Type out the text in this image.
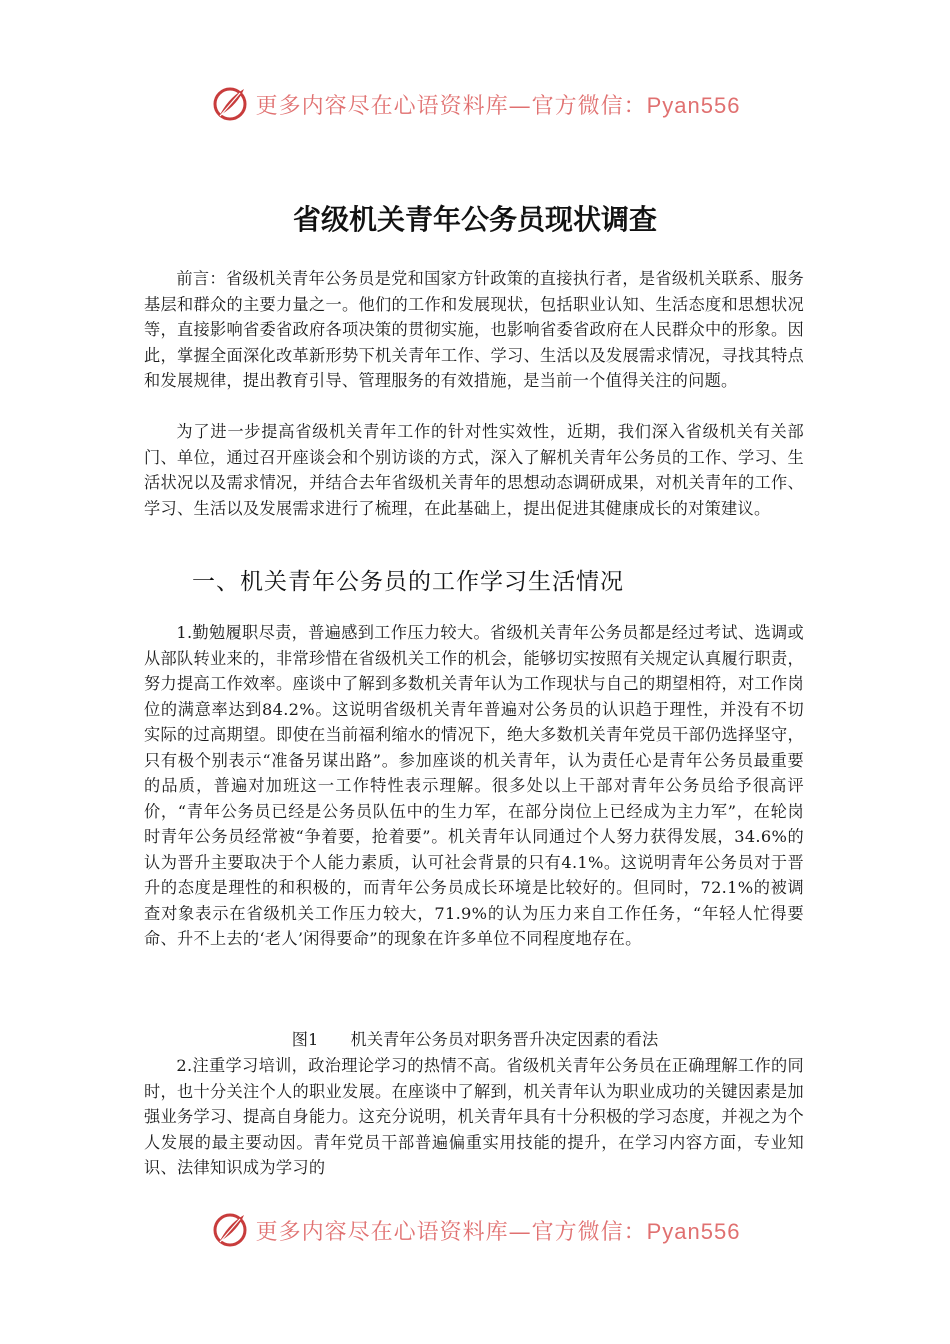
更多内容尽在心语资料库—官方微信：Pyan556
省级机关青年公务员现状调查

前言：省级机关青年公务员是党和国家方针政策的直接执行者，是省级机关联系、服务基层和群众的主要力量之一。他们的工作和发展现状，包括职业认知、生活态度和思想状况等，直接影响省委省政府各项决策的贯彻实施，也影响省委省政府在人民群众中的形象。因此，掌握全面深化改革新形势下机关青年工作、学习、生活以及发展需求情况，寻找其特点和发展规律，提出教育引导、管理服务的有效措施，是当前一个值得关注的问题。

为了进一步提高省级机关青年工作的针对性实效性，近期，我们深入省级机关有关部门、单位，通过召开座谈会和个别访谈的方式，深入了解机关青年公务员的工作、学习、生活状况以及需求情况，并结合去年省级机关青年的思想动态调研成果，对机关青年的工作、学习、生活以及发展需求进行了梳理，在此基础上，提出促进其健康成长的对策建议。

一、机关青年公务员的工作学习生活情况

1.勤勉履职尽责，普遍感到工作压力较大。省级机关青年公务员都是经过考试、选调或从部队转业来的，非常珍惜在省级机关工作的机会，能够切实按照有关规定认真履行职责，努力提高工作效率。座谈中了解到多数机关青年认为工作现状与自己的期望相符，对工作岗位的满意率达到84.2%。这说明省级机关青年普遍对公务员的认识趋于理性，并没有不切实际的过高期望。即使在当前福利缩水的情况下，绝大多数机关青年党员干部仍选择坚守，只有极个别表示“准备另谋出路”。参加座谈的机关青年，认为责任心是青年公务员最重要的品质，普遍对加班这一工作特性表示理解。很多处以上干部对青年公务员给予很高评价，“青年公务员已经是公务员队伍中的生力军，在部分岗位上已经成为主力军”，在轮岗时青年公务员经常被“争着要，抢着要”。机关青年认同通过个人努力获得发展，34.6%的认为晋升主要取决于个人能力素质，认可社会背景的只有4.1%。这说明青年公务员对于晋升的态度是理性的和积极的，而青年公务员成长环境是比较好的。但同时，72.1%的被调查对象表示在省级机关工作压力较大，71.9%的认为压力来自工作任务，“年轻人忙得要命、升不上去的‘老人’闲得要命”的现象在许多单位不同程度地存在。

图1　　机关青年公务员对职务晋升决定因素的看法

2.注重学习培训，政治理论学习的热情不高。省级机关青年公务员在正确理解工作的同时，也十分关注个人的职业发展。在座谈中了解到，机关青年认为职业成功的关键因素是加强业务学习、提高自身能力。这充分说明，机关青年具有十分积极的学习态度，并视之为个人发展的最主要动因。青年党员干部普遍偏重实用技能的提升，在学习内容方面，专业知识、法律知识成为学习的

更多内容尽在心语资料库—官方微信：Pyan556
